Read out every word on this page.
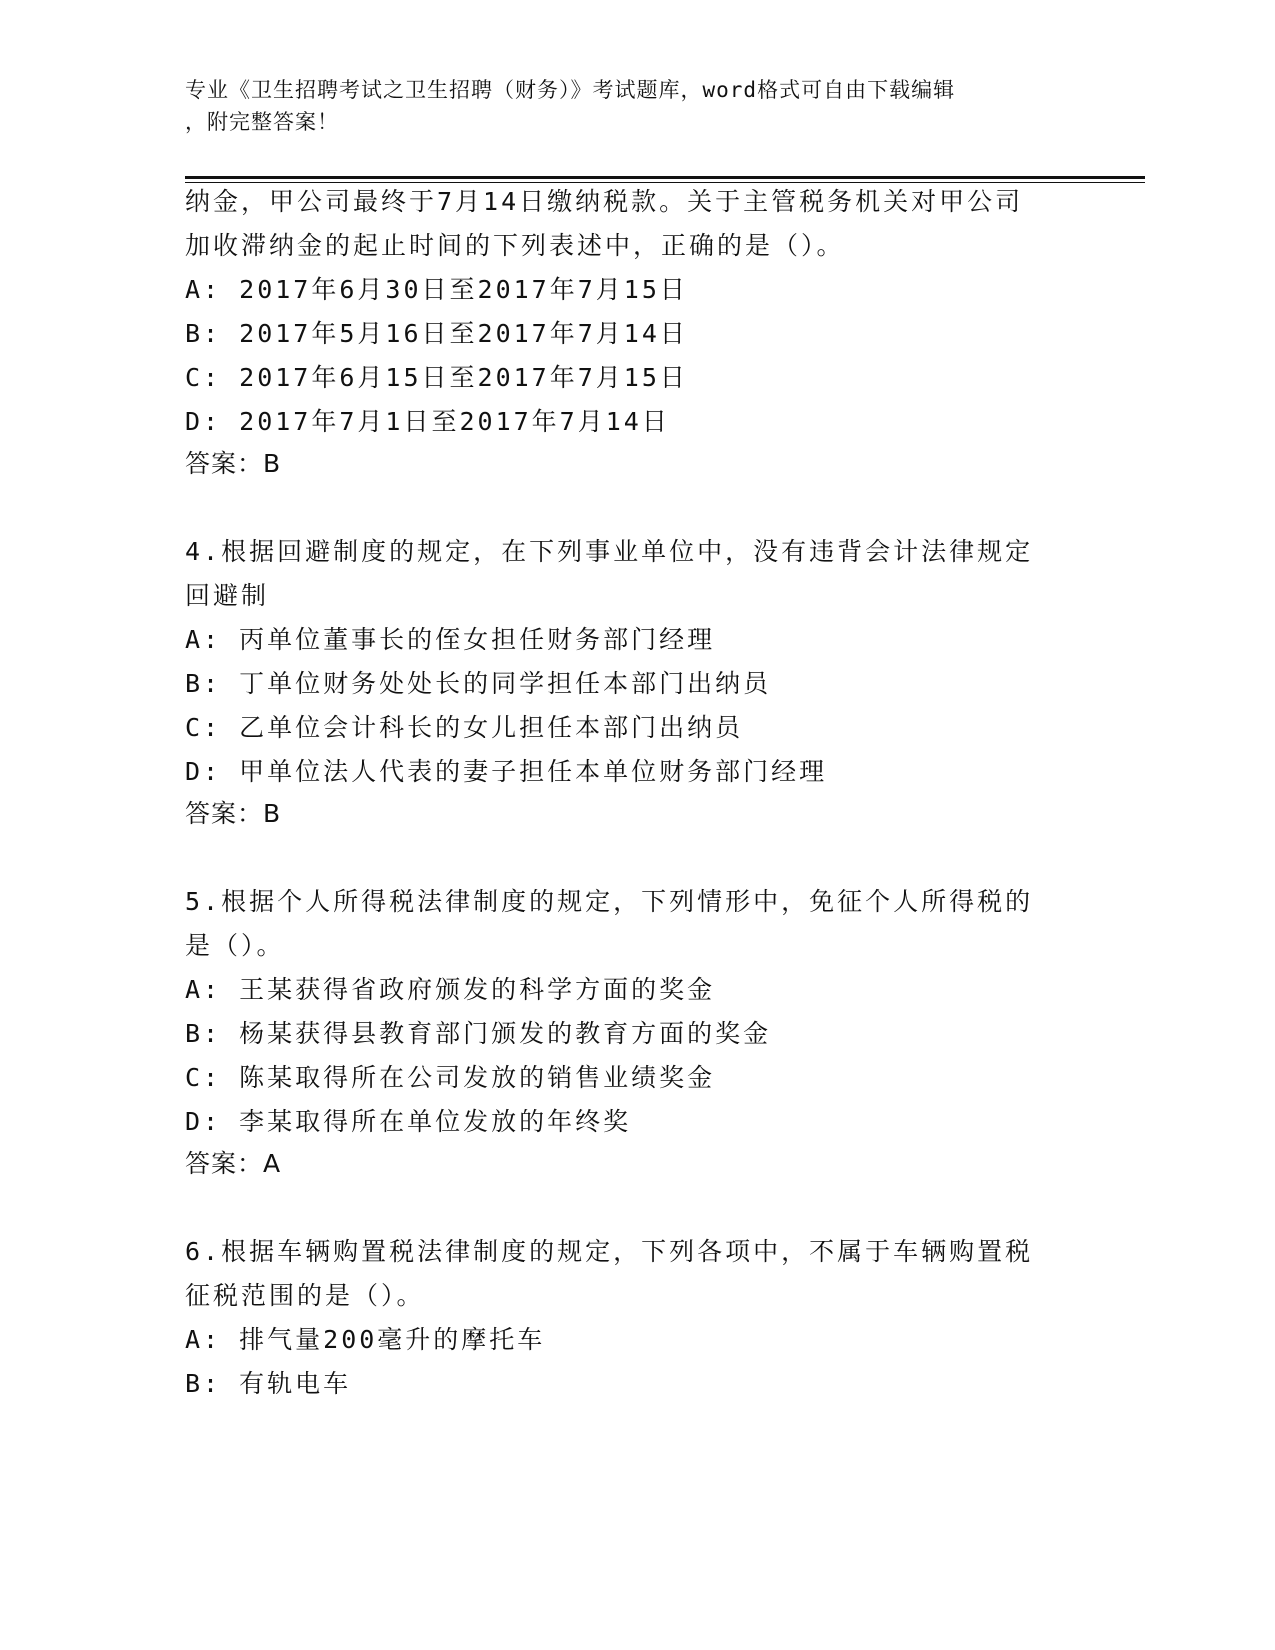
专业《卫生招聘考试之卫生招聘（财务）》考试题库，word格式可自由下载编辑
，附完整答案！
纳金，甲公司最终于7月14日缴纳税款。关于主管税务机关对甲公司
加收滞纳金的起止时间的下列表述中，正确的是（）。
A: 2017年6月30日至2017年7月15日
B: 2017年5月16日至2017年7月14日
C: 2017年6月15日至2017年7月15日
D: 2017年7月1日至2017年7月14日
答案：B
4.根据回避制度的规定，在下列事业单位中，没有违背会计法律规定
回避制
A: 丙单位董事长的侄女担任财务部门经理
B: 丁单位财务处处长的同学担任本部门出纳员
C: 乙单位会计科长的女儿担任本部门出纳员
D: 甲单位法人代表的妻子担任本单位财务部门经理
答案：B
5.根据个人所得税法律制度的规定，下列情形中，免征个人所得税的
是（）。
A: 王某获得省政府颁发的科学方面的奖金
B: 杨某获得县教育部门颁发的教育方面的奖金
C: 陈某取得所在公司发放的销售业绩奖金
D: 李某取得所在单位发放的年终奖
答案：A
6.根据车辆购置税法律制度的规定，下列各项中，不属于车辆购置税
征税范围的是（）。
A: 排气量200毫升的摩托车
B: 有轨电车
